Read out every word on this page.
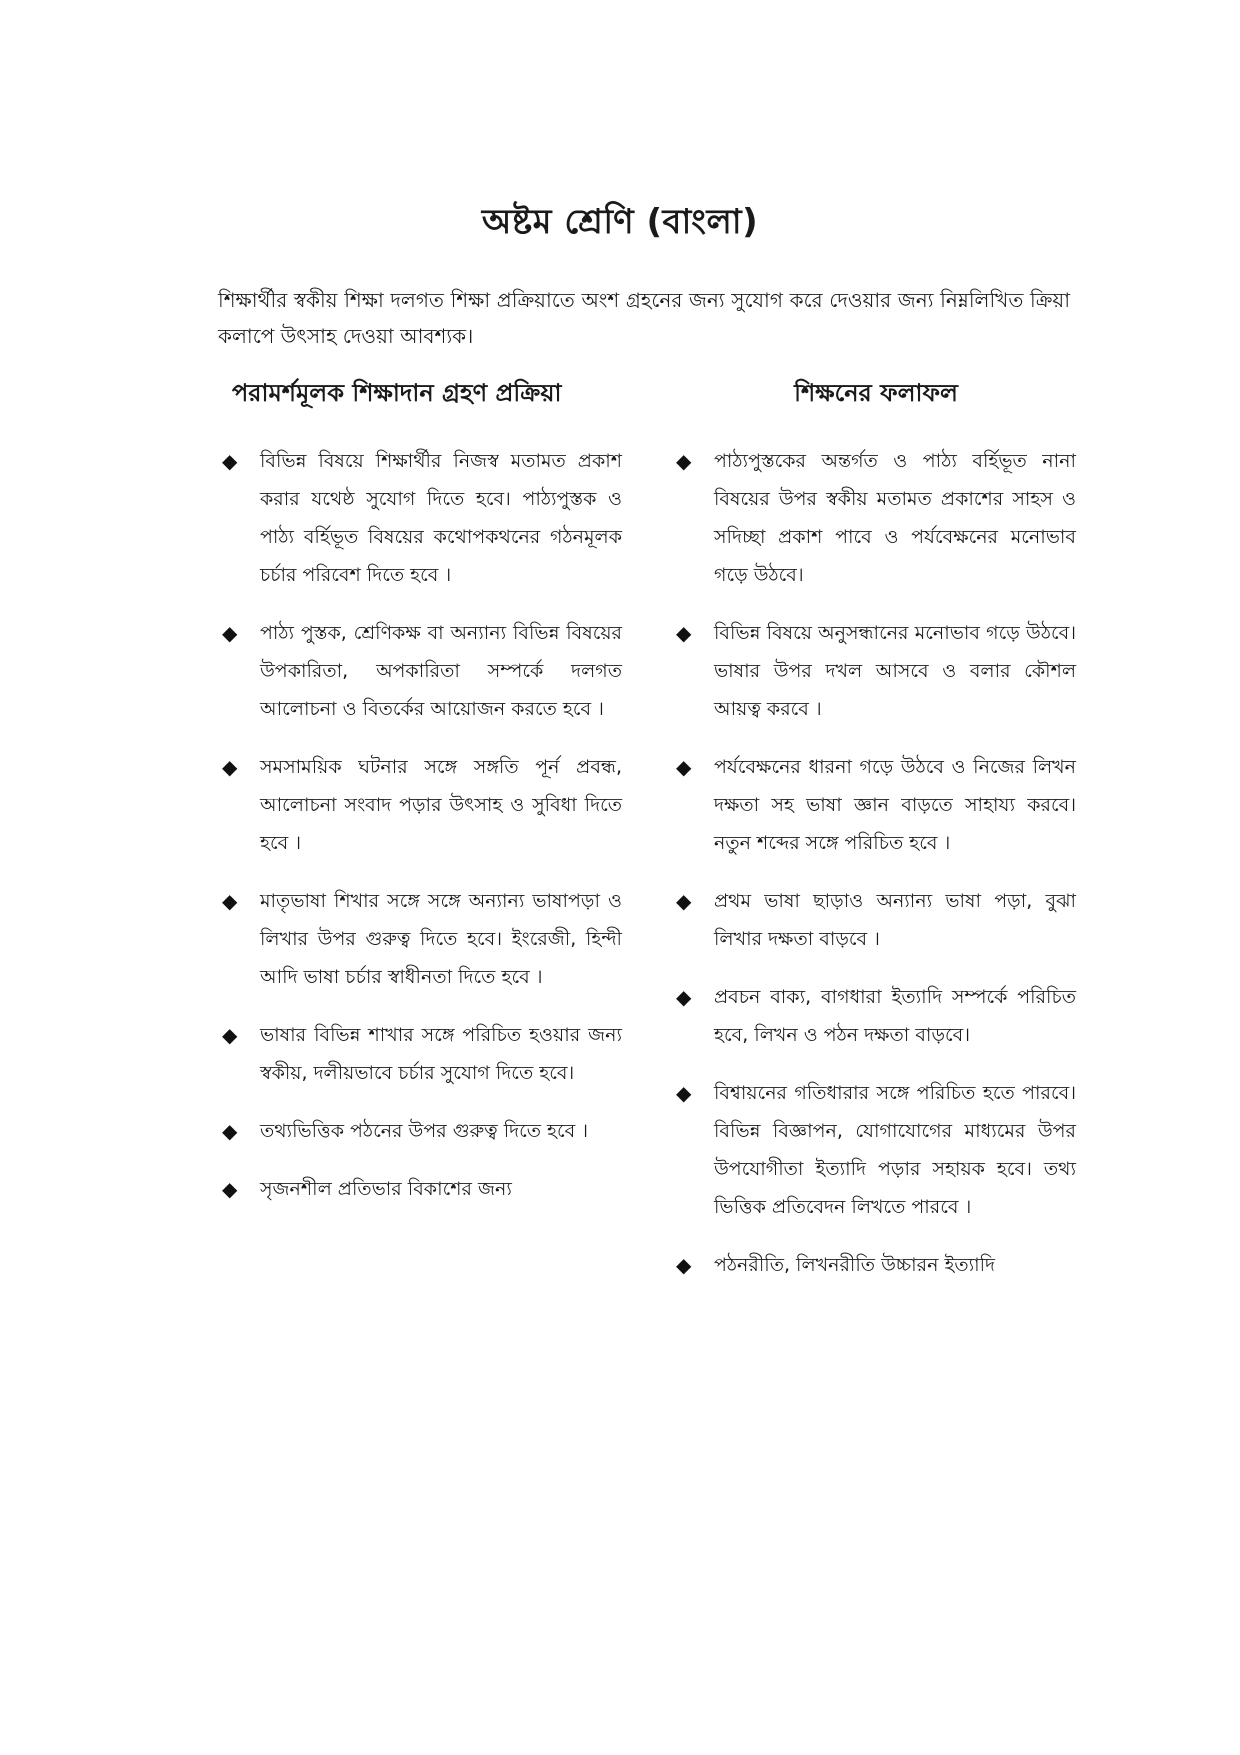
অষ্টম শ্রেণি (বাংলা)
শিক্ষার্থীর স্বকীয় শিক্ষা দলগত শিক্ষা প্রক্রিয়াতে অংশ গ্রহনের জন্য সুযোগ করে দেওয়ার জন্য নিম্নলিখিত ক্রিয়া কলাপে উৎসাহ দেওয়া আবশ্যক।
পরামর্শমূলক শিক্ষাদান গ্রহণ প্রক্রিয়া
◆	বিভিন্ন বিষয়ে শিক্ষার্থীর নিজস্ব মতামত প্রকাশ করার যথেষ্ঠ সুযোগ দিতে হবে। পাঠ্যপুস্তক ও পাঠ্য বর্হিভূত বিষয়ের কথোপকথনের গঠনমূলক চর্চার পরিবেশ দিতে হবে ।
◆	পাঠ্য পুস্তক, শ্রেণিকক্ষ বা অন্যান্য বিভিন্ন বিষয়ের উপকারিতা, অপকারিতা সম্পর্কে দলগত আলোচনা ও বিতর্কের আয়োজন করতে হবে ।
◆	সমসাময়িক ঘটনার সঙ্গে সঙ্গতি পূর্ন প্রবন্ধ, আলোচনা সংবাদ পড়ার উৎসাহ ও সুবিধা দিতে হবে ।
◆	মাতৃভাষা শিখার সঙ্গে সঙ্গে অন্যান্য ভাষাপড়া ও লিখার উপর গুরুত্ব দিতে হবে। ইংরেজী, হিন্দী আদি ভাষা চর্চার স্বাধীনতা দিতে হবে ।
◆	ভাষার বিভিন্ন শাখার সঙ্গে পরিচিত হওয়ার জন্য স্বকীয়, দলীয়ভাবে চর্চার সুযোগ দিতে হবে।
◆	তথ্যভিত্তিক পঠনের উপর গুরুত্ব দিতে হবে ।
◆	সৃজনশীল প্রতিভার বিকাশের জন্য
শিক্ষনের ফলাফল
◆	পাঠ্যপুস্তকের অন্তর্গত ও পাঠ্য বর্হিভূত নানা বিষয়ের উপর স্বকীয় মতামত প্রকাশের সাহস ও সদিচ্ছা প্রকাশ পাবে ও পর্যবেক্ষনের মনোভাব গড়ে উঠবে।
◆	বিভিন্ন বিষয়ে অনুসন্ধানের মনোভাব গড়ে উঠবে। ভাষার উপর দখল আসবে ও বলার কৌশল আয়ত্ব করবে ।
◆	পর্যবেক্ষনের ধারনা গড়ে উঠবে ও নিজের লিখন দক্ষতা সহ ভাষা জ্ঞান বাড়তে সাহায্য করবে। নতুন শব্দের সঙ্গে পরিচিত হবে ।
◆	প্রথম ভাষা ছাড়াও অন্যান্য ভাষা পড়া, বুঝা লিখার দক্ষতা বাড়বে ।
◆	প্রবচন বাক্য, বাগধারা ইত্যাদি সম্পর্কে পরিচিত হবে, লিখন ও পঠন দক্ষতা বাড়বে।
◆	বিশ্বায়নের গতিধারার সঙ্গে পরিচিত হতে পারবে। বিভিন্ন বিজ্ঞাপন, যোগাযোগের মাধ্যমের উপর উপযোগীতা ইত্যাদি পড়ার সহায়ক হবে। তথ্য ভিত্তিক প্রতিবেদন লিখতে পারবে ।
◆	পঠনরীতি, লিখনরীতি উচ্চারন ইত্যাদি
